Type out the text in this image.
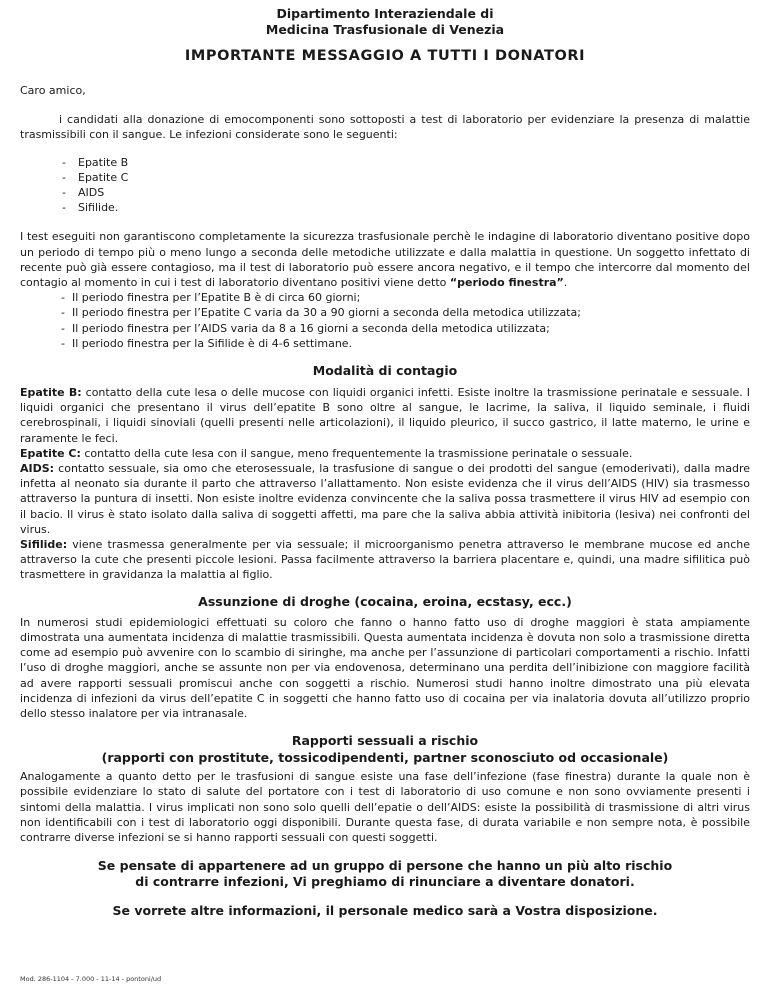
Dipartimento Interaziendale di
Medicina Trasfusionale di Venezia
IMPORTANTE MESSAGGIO A TUTTI I DONATORI

Caro amico,

i candidati alla donazione di emocomponenti sono sottoposti a test di laboratorio per evidenziare la presenza di malattie trasmissibili con il sangue. Le infezioni considerate sono le seguenti:

- Epatite B
- Epatite C
- AIDS
- Sifilide.

I test eseguiti non garantiscono completamente la sicurezza trasfusionale perchè le indagine di laboratorio diventano positive dopo un periodo di tempo più o meno lungo a seconda delle metodiche utilizzate e dalla malattia in questione. Un soggetto infettato di recente può già essere contagioso, ma il test di laboratorio può essere ancora negativo, e il tempo che intercorre dal momento del contagio al momento in cui i test di laboratorio diventano positivi viene detto “periodo finestra”.

- Il periodo finestra per l’Epatite B è di circa 60 giorni;
- Il periodo finestra per l’Epatite C varia da 30 a 90 giorni a seconda della metodica utilizzata;
- Il periodo finestra per l’AIDS varia da 8 a 16 giorni a seconda della metodica utilizzata;
- Il periodo finestra per la Sifilide è di 4-6 settimane.
Modalità di contagio

Epatite B: contatto della cute lesa o delle mucose con liquidi organici infetti. Esiste inoltre la trasmissione perinatale e sessuale. I liquidi organici che presentano il virus dell’epatite B sono oltre al sangue, le lacrime, la saliva, il liquido seminale, i fluidi cerebrospinali, i liquidi sinoviali (quelli presenti nelle articolazioni), il liquido pleurico, il succo gastrico, il latte materno, le urine e raramente le feci.

Epatite C: contatto della cute lesa con il sangue, meno frequentemente la trasmissione perinatale o sessuale.

AIDS: contatto sessuale, sia omo che eterosessuale, la trasfusione di sangue o dei prodotti del sangue (emoderivati), dalla madre infetta al neonato sia durante il parto che attraverso l’allattamento. Non esiste evidenza che il virus dell’AIDS (HIV) sia trasmesso attraverso la puntura di insetti. Non esiste inoltre evidenza convincente che la saliva possa trasmettere il virus HIV ad esempio con il bacio. Il virus è stato isolato dalla saliva di soggetti affetti, ma pare che la saliva abbia attività inibitoria (lesiva) nei confronti del virus.

Sifilide: viene trasmessa generalmente per via sessuale; il microorganismo penetra attraverso le membrane mucose ed anche attraverso la cute che presenti piccole lesioni. Passa facilmente attraverso la barriera placentare e, quindi, una madre sifilitica può trasmettere in gravidanza la malattia al figlio.

Assunzione di droghe (cocaina, eroina, ecstasy, ecc.)

In numerosi studi epidemiologici effettuati su coloro che fanno o hanno fatto uso di droghe maggiori è stata ampiamente dimostrata una aumentata incidenza di malattie trasmissibili. Questa aumentata incidenza è dovuta non solo a trasmissione diretta come ad esempio può avvenire con lo scambio di siringhe, ma anche per l’assunzione di particolari comportamenti a rischio. Infatti l’uso di droghe maggiori, anche se assunte non per via endovenosa, determinano una perdita dell’inibizione con maggiore facilità ad avere rapporti sessuali promiscui anche con soggetti a rischio. Numerosi studi hanno inoltre dimostrato una più elevata incidenza di infezioni da virus dell’epatite C in soggetti che hanno fatto uso di cocaina per via inalatoria dovuta all’utilizzo proprio dello stesso inalatore per via intranasale.

Rapporti sessuali a rischio
(rapporti con prostitute, tossicodipendenti, partner sconosciuto od occasionale)

Analogamente a quanto detto per le trasfusioni di sangue esiste una fase dell’infezione (fase finestra) durante la quale non è possibile evidenziare lo stato di salute del portatore con i test di laboratorio di uso comune e non sono ovviamente presenti i sintomi della malattia. I virus implicati non sono solo quelli dell’epatie o dell’AIDS: esiste la possibilità di trasmissione di altri virus non identificabili con i test di laboratorio oggi disponibili. Durante questa fase, di durata variabile e non sempre nota, è possibile contrarre diverse infezioni se si hanno rapporti sessuali con questi soggetti.

Se pensate di appartenere ad un gruppo di persone che hanno un più alto rischio
di contrarre infezioni, Vi preghiamo di rinunciare a diventare donatori.
Se vorrete altre informazioni, il personale medico sarà a Vostra disposizione.
Mod. 286-1104 - 7.000 - 11-14 - pontoni/ud
